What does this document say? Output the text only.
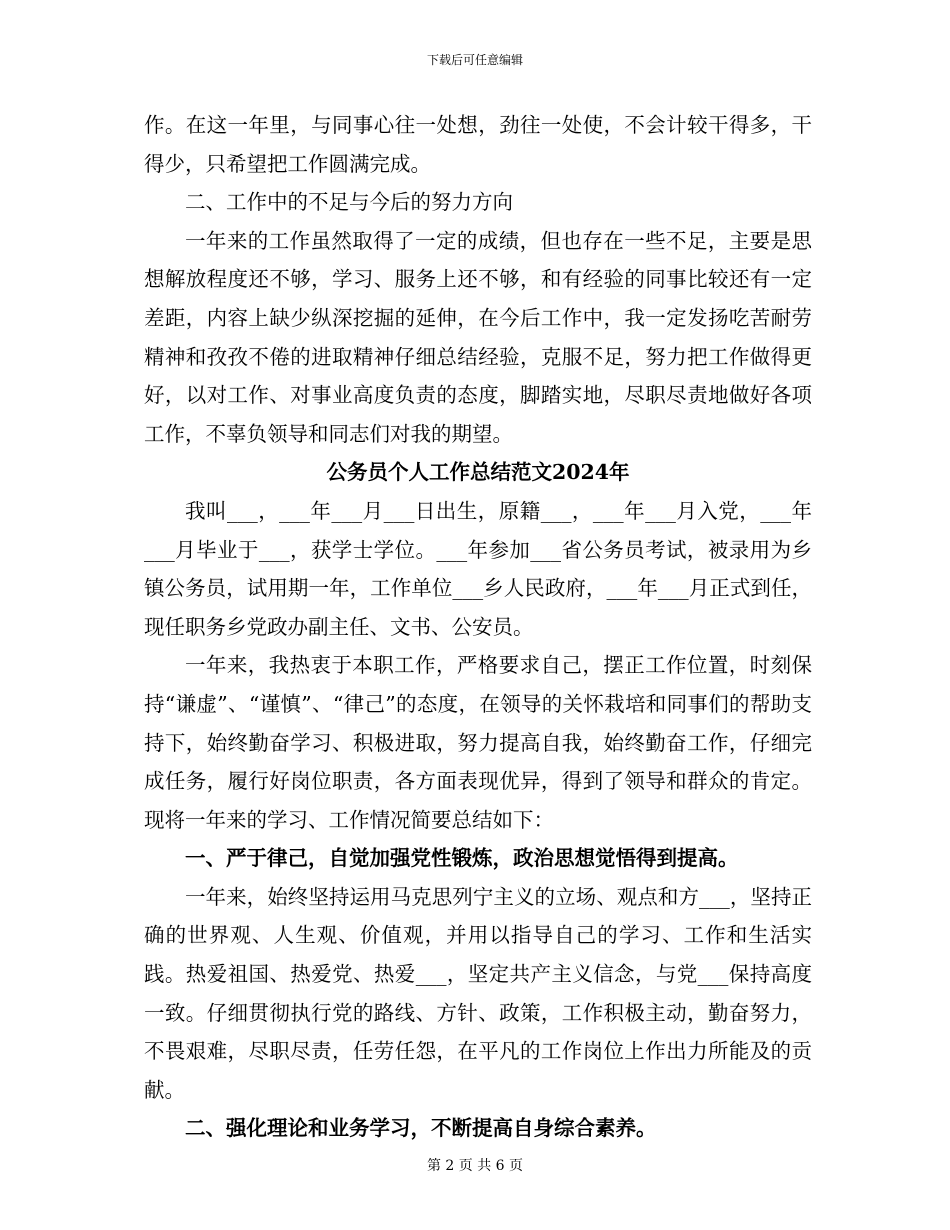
下载后可任意编辑

作。在这一年里，与同事心往一处想，劲往一处使，不会计较干得多，干得少，只希望把工作圆满完成。

二、工作中的不足与今后的努力方向

一年来的工作虽然取得了一定的成绩，但也存在一些不足，主要是思想解放程度还不够，学习、服务上还不够，和有经验的同事比较还有一定差距，内容上缺少纵深挖掘的延伸，在今后工作中，我一定发扬吃苦耐劳精神和孜孜不倦的进取精神仔细总结经验，克服不足，努力把工作做得更好，以对工作、对事业高度负责的态度，脚踏实地，尽职尽责地做好各项工作，不辜负领导和同志们对我的期望。

公务员个人工作总结范文2024年

我叫___，___年___月___日出生，原籍___，___年___月入党，___年___月毕业于___，获学士学位。___年参加___省公务员考试，被录用为乡镇公务员，试用期一年，工作单位___乡人民政府，___年___月正式到任，现任职务乡党政办副主任、文书、公安员。

一年来，我热衷于本职工作，严格要求自己，摆正工作位置，时刻保持“谦虚”、“谨慎”、“律己”的态度，在领导的关怀栽培和同事们的帮助支持下，始终勤奋学习、积极进取，努力提高自我，始终勤奋工作，仔细完成任务，履行好岗位职责，各方面表现优异，得到了领导和群众的肯定。现将一年来的学习、工作情况简要总结如下：

一、严于律己，自觉加强党性锻炼，政治思想觉悟得到提高。

一年来，始终坚持运用马克思列宁主义的立场、观点和方___，坚持正确的世界观、人生观、价值观，并用以指导自己的学习、工作和生活实践。热爱祖国、热爱党、热爱___，坚定共产主义信念，与党___保持高度一致。仔细贯彻执行党的路线、方针、政策，工作积极主动，勤奋努力，不畏艰难，尽职尽责，任劳任怨，在平凡的工作岗位上作出力所能及的贡献。

二、强化理论和业务学习，不断提高自身综合素养。

第 2 页 共 6 页
